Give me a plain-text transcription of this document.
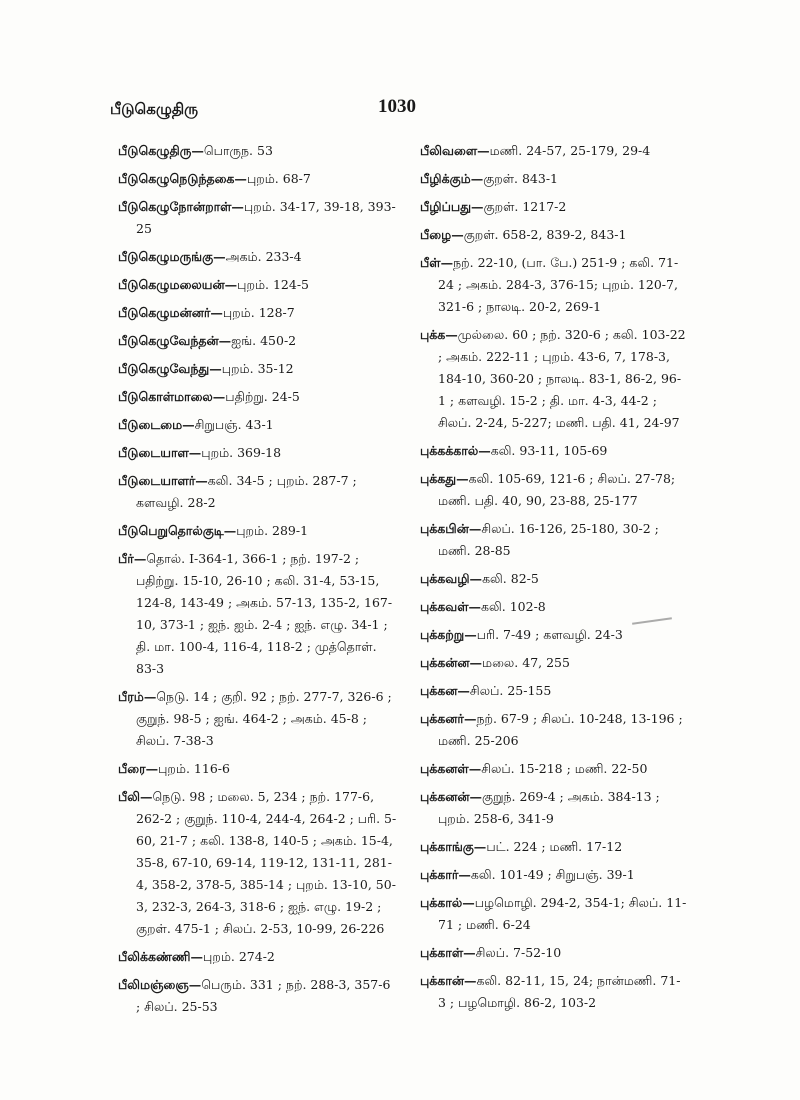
பீடுகெழுதிரு	1030
பீடுகெழுதிரு—பொருந. 53
பீடுகெழுநெடுந்தகை—புறம். 68-7
பீடுகெழுநோன்றாள்—புறம். 34-17, 39-18, 393-25
பீடுகெழுமருங்கு—அகம். 233-4
பீடுகெழுமலையன்—புறம். 124-5
பீடுகெழுமன்னர்—புறம். 128-7
பீடுகெழுவேந்தன்—ஐங். 450-2
பீடுகெழுவேந்து—புறம். 35-12
பீடுகொள்மாலை—பதிற்று. 24-5
பீடுடைமை—சிறுபஞ். 43-1
பீடுடையாள—புறம். 369-18
பீடுடையாளர்—கலி. 34-5 ; புறம். 287-7 ; களவழி. 28-2
பீடுபெறுதொல்குடி—புறம். 289-1
பீர்—தொல். I-364-1, 366-1 ; நற். 197-2 ; பதிற்று. 15-10, 26-10 ; கலி. 31-4, 53-15, 124-8, 143-49 ; அகம். 57-13, 135-2, 167-10, 373-1 ; ஐந். ஐம். 2-4 ; ஐந். எழு. 34-1 ; தி. மா. 100-4, 116-4, 118-2 ; முத்தொள். 83-3
பீரம்—நெடு. 14 ; குறி. 92 ; நற். 277-7, 326-6 ; குறுந். 98-5 ; ஐங். 464-2 ; அகம். 45-8 ; சிலப். 7-38-3
பீரை—புறம். 116-6
பீலி—நெடு. 98 ; மலை. 5, 234 ; நற். 177-6, 262-2 ; குறுந். 110-4, 244-4, 264-2 ; பரி. 5-60, 21-7 ; கலி. 138-8, 140-5 ; அகம். 15-4, 35-8, 67-10, 69-14, 119-12, 131-11, 281-4, 358-2, 378-5, 385-14 ; புறம். 13-10, 50-3, 232-3, 264-3, 318-6 ; ஐந். எழு. 19-2 ; குறள். 475-1 ; சிலப். 2-53, 10-99, 26-226
பீலிக்கண்ணி—புறம். 274-2
பீலிமஞ்ஞை—பெரும். 331 ; நற். 288-3, 357-6 ; சிலப். 25-53
பீலிவளை—மணி. 24-57, 25-179, 29-4
பீழிக்கும்—குறள். 843-1
பீழிப்பது—குறள். 1217-2
பீழை—குறள். 658-2, 839-2, 843-1
பீள்—நற். 22-10, (பா. பே.) 251-9 ; கலி. 71-24 ; அகம். 284-3, 376-15; புறம். 120-7, 321-6 ; நாலடி. 20-2, 269-1
புக்க—முல்லை. 60 ; நற். 320-6 ; கலி. 103-22 ; அகம். 222-11 ; புறம். 43-6, 7, 178-3, 184-10, 360-20 ; நாலடி. 83-1, 86-2, 96-1 ; களவழி. 15-2 ; தி. மா. 4-3, 44-2 ; சிலப். 2-24, 5-227; மணி. பதி. 41, 24-97
புக்கக்கால்—கலி. 93-11, 105-69
புக்கது—கலி. 105-69, 121-6 ; சிலப். 27-78; மணி. பதி. 40, 90, 23-88, 25-177
புக்கபின்—சிலப். 16-126, 25-180, 30-2 ; மணி. 28-85
புக்கவழி—கலி. 82-5
புக்கவள்—கலி. 102-8
புக்கற்று—பரி. 7-49 ; களவழி. 24-3
புக்கன்ன—மலை. 47, 255
புக்கன—சிலப். 25-155
புக்கனர்—நற். 67-9 ; சிலப். 10-248, 13-196 ; மணி. 25-206
புக்கனள்—சிலப். 15-218 ; மணி. 22-50
புக்கனன்—குறுந். 269-4 ; அகம். 384-13 ; புறம். 258-6, 341-9
புக்காங்கு—பட். 224 ; மணி. 17-12
புக்கார்—கலி. 101-49 ; சிறுபஞ். 39-1
புக்கால்—பழமொழி. 294-2, 354-1; சிலப். 11-71 ; மணி. 6-24
புக்காள்—சிலப். 7-52-10
புக்கான்—கலி. 82-11, 15, 24; நான்மணி. 71-3 ; பழமொழி. 86-2, 103-2
